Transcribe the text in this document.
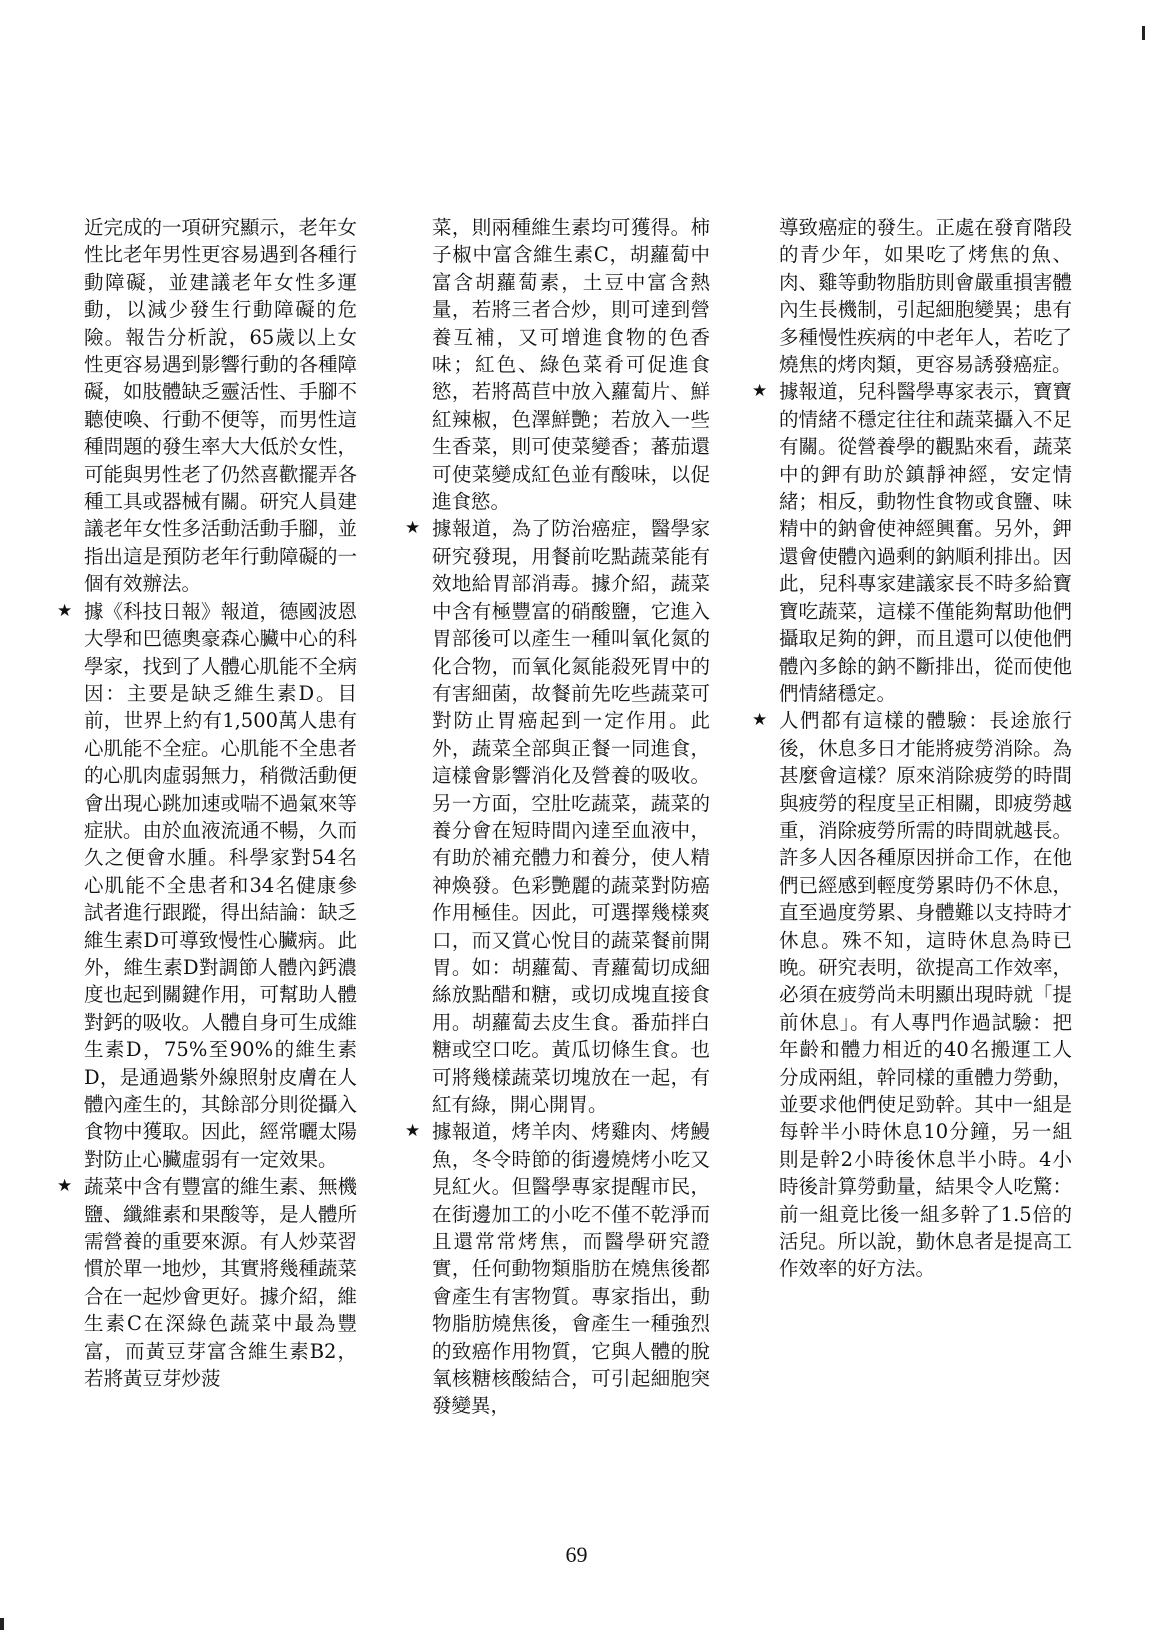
近完成的一項研究顯示，老年女性比老年男性更容易遇到各種行動障礙，並建議老年女性多運動，以減少發生行動障礙的危險。報告分析說，65歲以上女性更容易遇到影響行動的各種障礙，如肢體缺乏靈活性、手腳不聽使喚、行動不便等，而男性這種問題的發生率大大低於女性，可能與男性老了仍然喜歡擺弄各種工具或器械有關。研究人員建議老年女性多活動活動手腳，並指出這是預防老年行動障礙的一個有效辦法。
★ 據《科技日報》報道，德國波恩大學和巴德奧豪森心臟中心的科學家，找到了人體心肌能不全病因：主要是缺乏維生素D。目前，世界上約有1,500萬人患有心肌能不全症。心肌能不全患者的心肌肉虛弱無力，稍微活動便會出現心跳加速或喘不過氣來等症狀。由於血液流通不暢，久而久之便會水腫。科學家對54名心肌能不全患者和34名健康參試者進行跟蹤，得出結論：缺乏維生素D可導致慢性心臟病。此外，維生素D對調節人體內鈣濃度也起到關鍵作用，可幫助人體對鈣的吸收。人體自身可生成維生素D，75%至90%的維生素D，是通過紫外線照射皮膚在人體內產生的，其餘部分則從攝入食物中獲取。因此，經常曬太陽對防止心臟虛弱有一定效果。
★ 蔬菜中含有豐富的維生素、無機鹽、纖維素和果酸等，是人體所需營養的重要來源。有人炒菜習慣於單一地炒，其實將幾種蔬菜合在一起炒會更好。據介紹，維生素C在深綠色蔬菜中最為豐富，而黃豆芽富含維生素B2，若將黃豆芽炒菠
菜，則兩種維生素均可獲得。柿子椒中富含維生素C，胡蘿蔔中富含胡蘿蔔素，土豆中富含熱量，若將三者合炒，則可達到營養互補，又可增進食物的色香味；紅色、綠色菜肴可促進食慾，若將萵苣中放入蘿蔔片、鮮紅辣椒，色澤鮮艷；若放入一些生香菜，則可使菜變香；蕃茄還可使菜變成紅色並有酸味，以促進食慾。
★ 據報道，為了防治癌症，醫學家研究發現，用餐前吃點蔬菜能有效地給胃部消毒。據介紹，蔬菜中含有極豐富的硝酸鹽，它進入胃部後可以產生一種叫氧化氮的化合物，而氧化氮能殺死胃中的有害細菌，故餐前先吃些蔬菜可對防止胃癌起到一定作用。此外，蔬菜全部與正餐一同進食，這樣會影響消化及營養的吸收。另一方面，空肚吃蔬菜，蔬菜的養分會在短時間內達至血液中，有助於補充體力和養分，使人精神煥發。色彩艷麗的蔬菜對防癌作用極佳。因此，可選擇幾樣爽口，而又賞心悅目的蔬菜餐前開胃。如：胡蘿蔔、青蘿蔔切成細絲放點醋和糖，或切成塊直接食用。胡蘿蔔去皮生食。番茄拌白糖或空口吃。黃瓜切條生食。也可將幾樣蔬菜切塊放在一起，有紅有綠，開心開胃。
★ 據報道，烤羊肉、烤雞肉、烤鰻魚，冬令時節的街邊燒烤小吃又見紅火。但醫學專家提醒市民，在街邊加工的小吃不僅不乾淨而且還常常烤焦，而醫學研究證實，任何動物類脂肪在燒焦後都會產生有害物質。專家指出，動物脂肪燒焦後，會產生一種強烈的致癌作用物質，它與人體的脫氧核糖核酸結合，可引起細胞突發變異，
導致癌症的發生。正處在發育階段的青少年，如果吃了烤焦的魚、肉、雞等動物脂肪則會嚴重損害體內生長機制，引起細胞變異；患有多種慢性疾病的中老年人，若吃了燒焦的烤肉類，更容易誘發癌症。
★ 據報道，兒科醫學專家表示，寶寶的情緒不穩定往往和蔬菜攝入不足有關。從營養學的觀點來看，蔬菜中的鉀有助於鎮靜神經，安定情緒；相反，動物性食物或食鹽、味精中的鈉會使神經興奮。另外，鉀還會使體內過剩的鈉順利排出。因此，兒科專家建議家長不時多給寶寶吃蔬菜，這樣不僅能夠幫助他們攝取足夠的鉀，而且還可以使他們體內多餘的鈉不斷排出，從而使他們情緒穩定。
★ 人們都有這樣的體驗：長途旅行後，休息多日才能將疲勞消除。為甚麼會這樣？原來消除疲勞的時間與疲勞的程度呈正相關，即疲勞越重，消除疲勞所需的時間就越長。許多人因各種原因拼命工作，在他們已經感到輕度勞累時仍不休息，直至過度勞累、身體難以支持時才休息。殊不知，這時休息為時已晚。研究表明，欲提高工作效率，必須在疲勞尚未明顯出現時就「提前休息」。有人專門作過試驗：把年齡和體力相近的40名搬運工人分成兩組，幹同樣的重體力勞動，並要求他們使足勁幹。其中一組是每幹半小時休息10分鐘，另一組則是幹2小時後休息半小時。4小時後計算勞動量，結果令人吃驚：前一組竟比後一組多幹了1.5倍的活兒。所以說，勤休息者是提高工作效率的好方法。
69
